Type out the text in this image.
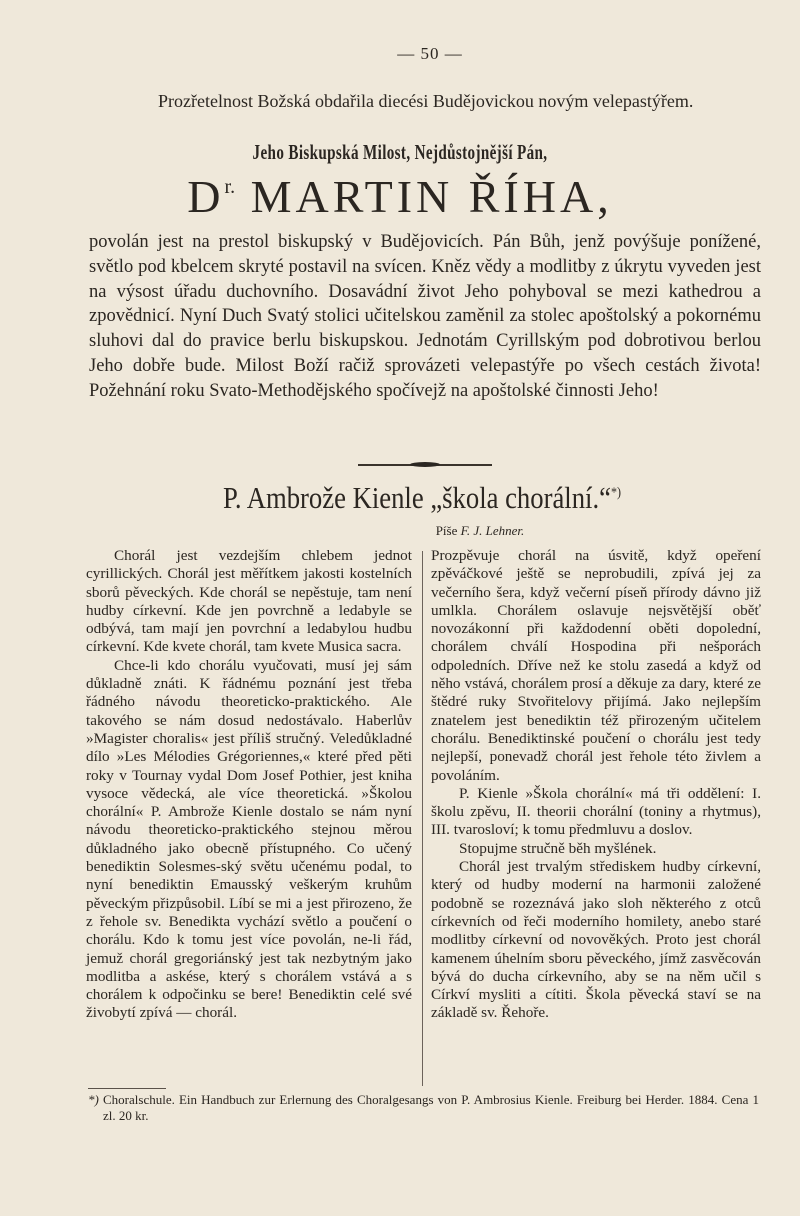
— 50 —
Prozřetelnost Božská obdařila diecési Budějovickou novým velepastýřem.
Jeho Biskupská Milost, Nejdůstojnější Pán,
$D^{r.}$ MARTIN ŘÍHA,

povolán jest na prestol biskupský v Budějovicích. Pán Bůh, jenž povýšuje ponížené, světlo pod kbelcem skryté postavil na svícen. Kněz vědy a modlitby z úkrytu vyveden jest na výsost úřadu duchovního. Dosavádní život Jeho pohyboval se mezi kathedrou a zpovědnicí. Nyní Duch Svatý stolici učitelskou zaměnil za stolec apoštolský a pokornému sluhovi dal do pravice berlu biskupskou. Jednotám Cyrillským pod dobrotivou berlou Jeho dobře bude. Milost Boží račiž sprovázeti velepastýře po všech cestách života! Požehnání roku Svato-Methodějského spočívejž na apoštolské činnosti Jeho!

P. Ambrože Kienle „škola chorální.“*)
Píše F. J. Lehner.

Chorál jest vezdejším chlebem jednot cyrillických. Chorál jest měřítkem jakosti kostelních sborů pěveckých. Kde chorál se nepěstuje, tam není hudby církevní. Kde jen povrchně a ledabyle se odbývá, tam mají jen povrchní a ledabylou hudbu církevní. Kde kvete chorál, tam kvete Musica sacra.

Chce-li kdo chorálu vyučovati, musí jej sám důkladně znáti. K řádnému poznání jest třeba řádného návodu theoreticko-praktického. Ale takového se nám dosud nedostávalo. Haberlův »Magister choralis« jest příliš stručný. Veledůkladné dílo »Les Mélodies Grégoriennes,« které před pěti roky v Tournay vydal Dom Josef Pothier, jest kniha vysoce vědecká, ale více theoretická. »Školou chorální« P. Ambrože Kienle dostalo se nám nyní návodu theoreticko-praktického stejnou měrou důkladného jako obecně přístupného. Co učený benediktin Solesmes-ský světu učenému podal, to nyní benediktin Emausský veškerým kruhům pěveckým přizpůsobil. Líbí se mi a jest přirozeno, že z řehole sv. Benedikta vychází světlo a poučení o chorálu. Kdo k tomu jest více povolán, ne-li řád, jemuž chorál gregoriánský jest tak nezbytným jako modlitba a askése, který s chorálem vstává a s chorálem k odpočinku se bere! Benediktin celé své živobytí zpívá — chorál.

Prozpěvuje chorál na úsvitě, když opeření zpěváčkové ještě se neprobudili, zpívá jej za večerního šera, když večerní píseň přírody dávno již umlkla. Chorálem oslavuje nejsvětější oběť novozákonní při každodenní oběti dopolední, chorálem chválí Hospodina při nešporách odpoledních. Dříve než ke stolu zasedá a když od něho vstává, chorálem prosí a děkuje za dary, které ze štědré ruky Stvořitelovy přijímá. Jako nejlepším znatelem jest benediktin též přirozeným učitelem chorálu. Benediktinské poučení o chorálu jest tedy nejlepší, ponevadž chorál jest řehole této živlem a povoláním.

P. Kienle »Škola chorální« má tři oddělení: I. školu zpěvu, II. theorii chorální (toniny a rhytmus), III. tvarosloví; k tomu předmluvu a doslov.

Stopujme stručně běh myšlének.

Chorál jest trvalým střediskem hudby církevní, který od hudby moderní na harmonii založené podobně se rozeznává jako sloh některého z otců církevních od řeči moderního homilety, anebo staré modlitby církevní od novověkých. Proto jest chorál kamenem úhelním sboru pěveckého, jímž zasvěcován bývá do ducha církevního, aby se na něm učil s Církví mysliti a cítiti. Škola pěvecká staví se na základě sv. Řehoře.

*) Choralschule. Ein Handbuch zur Erlernung des Choralgesangs von P. Ambrosius Kienle. Freiburg bei Herder. 1884. Cena 1 zl. 20 kr.
